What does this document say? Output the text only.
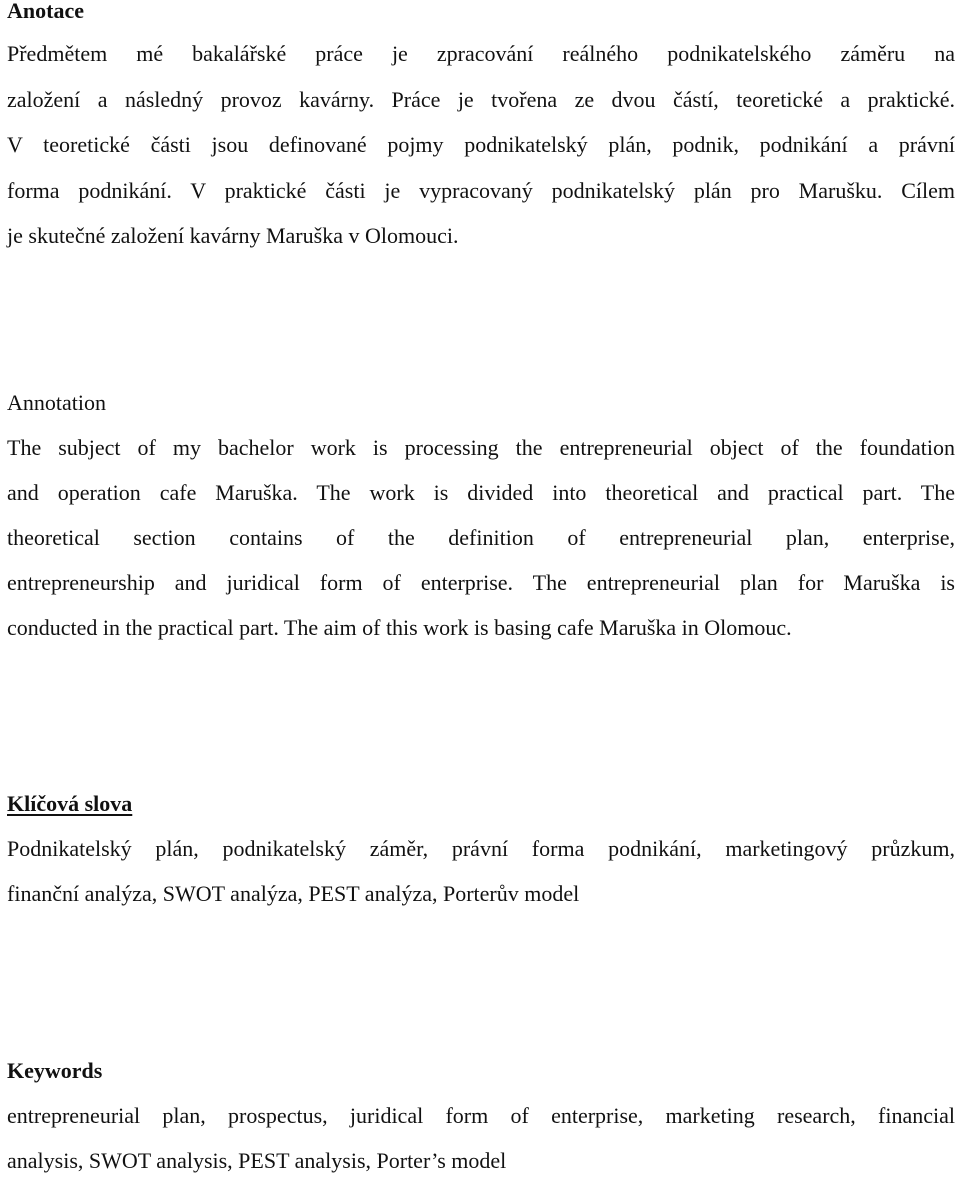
Anotace
Předmětem mé bakalářské práce je zpracování reálného podnikatelského záměru na
založení a následný provoz kavárny. Práce je tvořena ze dvou částí, teoretické a praktické.
V teoretické části jsou definované pojmy podnikatelský plán, podnik, podnikání a právní
forma podnikání. V praktické části je vypracovaný podnikatelský plán pro Marušku. Cílem
je skutečné založení kavárny Maruška v Olomouci.
Annotation
The subject of my bachelor work is processing the entrepreneurial object of the foundation
and operation cafe Maruška. The work is divided into theoretical and practical part. The
theoretical section contains of the definition of entrepreneurial plan, enterprise,
entrepreneurship and juridical form of enterprise. The entrepreneurial plan for Maruška is
conducted in the practical part. The aim of this work is basing cafe Maruška in Olomouc.
Klíčová slova
Podnikatelský plán, podnikatelský záměr, právní forma podnikání, marketingový průzkum,
finanční analýza, SWOT analýza, PEST analýza, Porterův model
Keywords
entrepreneurial plan, prospectus, juridical form of enterprise, marketing research, financial
analysis, SWOT analysis, PEST analysis, Porter’s model
